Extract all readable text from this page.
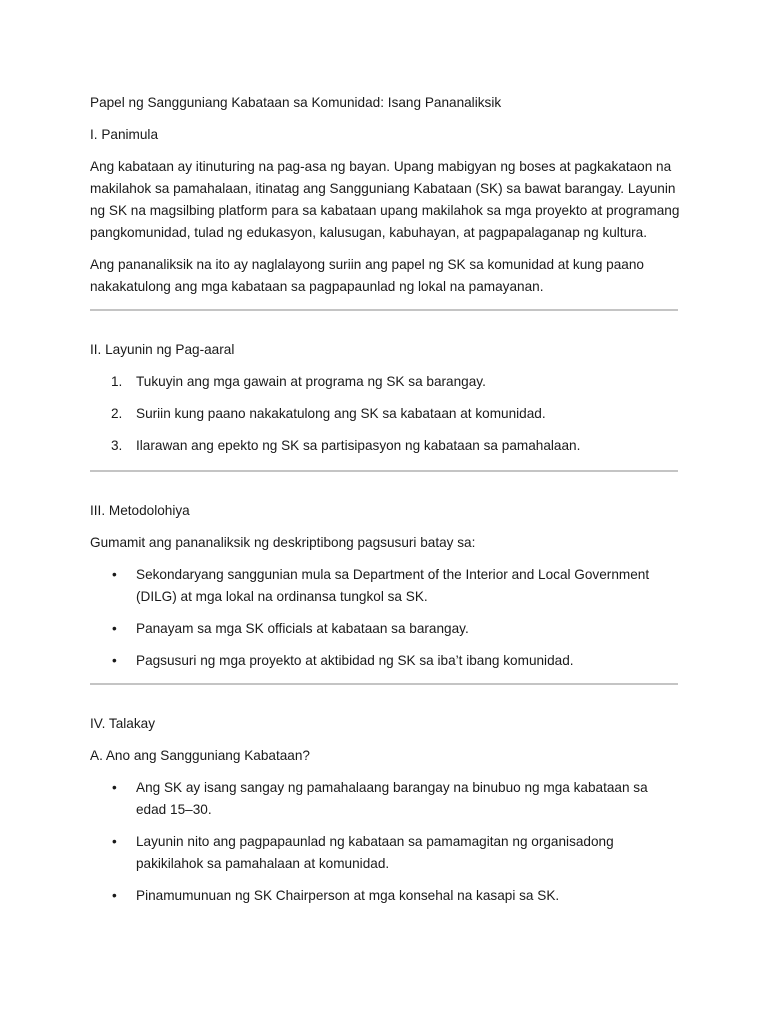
Papel ng Sangguniang Kabataan sa Komunidad: Isang Pananaliksik

I. Panimula

Ang kabataan ay itinuturing na pag-asa ng bayan. Upang mabigyan ng boses at pagkakataon na makilahok sa pamahalaan, itinatag ang Sangguniang Kabataan (SK) sa bawat barangay. Layunin ng SK na magsilbing platform para sa kabataan upang makilahok sa mga proyekto at programang pangkomunidad, tulad ng edukasyon, kalusugan, kabuhayan, at pagpapalaganap ng kultura.

Ang pananaliksik na ito ay naglalayong suriin ang papel ng SK sa komunidad at kung paano nakakatulong ang mga kabataan sa pagpapaunlad ng lokal na pamayanan.

II. Layunin ng Pag-aaral

1. Tukuyin ang mga gawain at programa ng SK sa barangay.
2. Suriin kung paano nakakatulong ang SK sa kabataan at komunidad.
3. Ilarawan ang epekto ng SK sa partisipasyon ng kabataan sa pamahalaan.

III. Metodolohiya

Gumamit ang pananaliksik ng deskriptibong pagsusuri batay sa:

• Sekondaryang sanggunian mula sa Department of the Interior and Local Government (DILG) at mga lokal na ordinansa tungkol sa SK.
• Panayam sa mga SK officials at kabataan sa barangay.
• Pagsusuri ng mga proyekto at aktibidad ng SK sa iba’t ibang komunidad.

IV. Talakay

A. Ano ang Sangguniang Kabataan?

• Ang SK ay isang sangay ng pamahalaang barangay na binubuo ng mga kabataan sa edad 15–30.
• Layunin nito ang pagpapaunlad ng kabataan sa pamamagitan ng organisadong pakikilahok sa pamahalaan at komunidad.
• Pinamumunuan ng SK Chairperson at mga konsehal na kasapi sa SK.
